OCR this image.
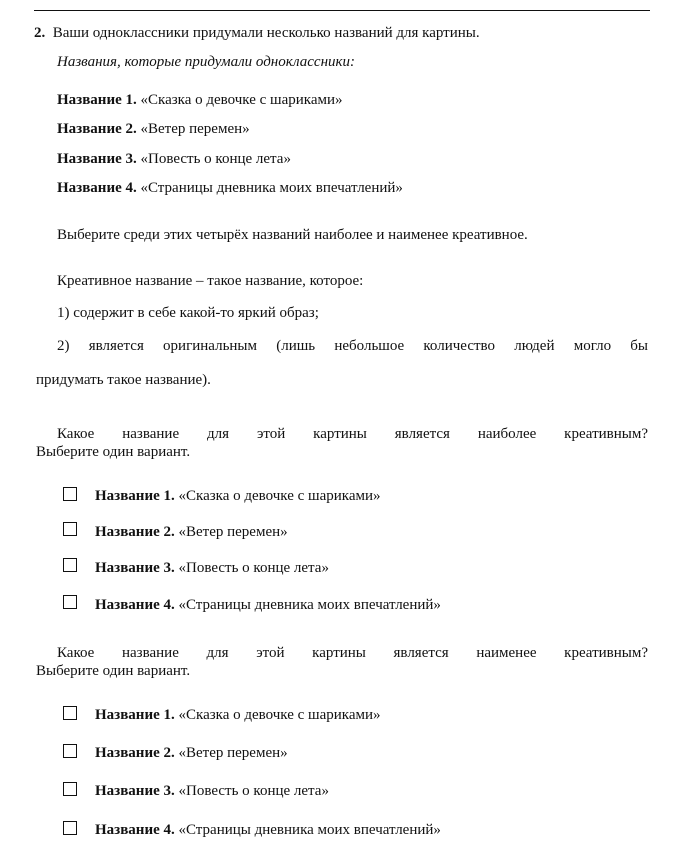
2. Ваши одноклассники придумали несколько названий для картины.
Названия, которые придумали одноклассники:
Название 1. «Сказка о девочке с шариками»
Название 2. «Ветер перемен»
Название 3. «Повесть о конце лета»
Название 4. «Страницы дневника моих впечатлений»
Выберите среди этих четырёх названий наиболее и наименее креативное.
Креативное название – такое название, которое:
1) содержит в себе какой-то яркий образ;
2) является оригинальным (лишь небольшое количество людей могло бы
придумать такое название).
Какое название для этой картины является наиболее креативным?
Выберите один вариант.
Название 1. «Сказка о девочке с шариками»
Название 2. «Ветер перемен»
Название 3. «Повесть о конце лета»
Название 4. «Страницы дневника моих впечатлений»
Какое название для этой картины является наименее креативным?
Выберите один вариант.
Название 1. «Сказка о девочке с шариками»
Название 2. «Ветер перемен»
Название 3. «Повесть о конце лета»
Название 4. «Страницы дневника моих впечатлений»
